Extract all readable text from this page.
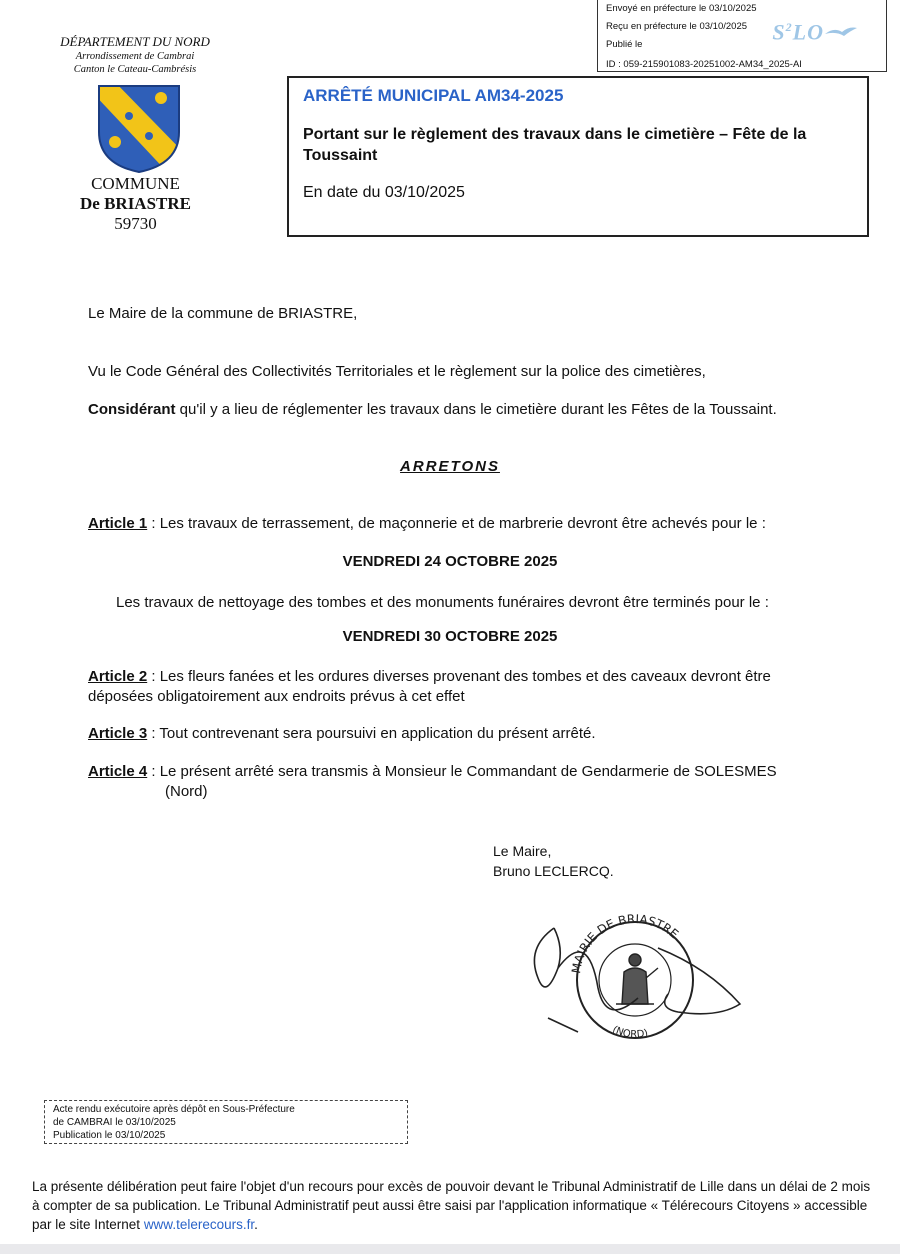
Envoyé en préfecture le 03/10/2025
Reçu en préfecture le 03/10/2025
Publié le
ID : 059-215901083-20251002-AM34_2025-AI
$S^2LO$
DÉPARTEMENT DU NORD
Arrondissement de Cambrai
Canton le Cateau-Cambrésis
COMMUNE
De BRIASTRE
59730
ARRÊTÉ MUNICIPAL AM34-2025
Portant sur le règlement des travaux dans le cimetière – Fête de la Toussaint
En date du 03/10/2025
Le Maire de la commune de BRIASTRE,
Vu le Code Général des Collectivités Territoriales et le règlement sur la police des cimetières,
Considérant qu'il y a lieu de réglementer les travaux dans le cimetière durant les Fêtes de la Toussaint.
ARRETONS
Article 1 : Les travaux de terrassement, de maçonnerie et de marbrerie devront être achevés pour le :
VENDREDI 24 OCTOBRE 2025
Les travaux de nettoyage des tombes et des monuments funéraires devront être terminés pour le :
VENDREDI 30 OCTOBRE 2025
Article 2 : Les fleurs fanées et les ordures diverses provenant des tombes et des caveaux devront être
déposées obligatoirement aux endroits prévus à cet effet
Article 3 : Tout contrevenant sera poursuivi en application du présent arrêté.
Article 4 : Le présent arrêté sera transmis à Monsieur le Commandant de Gendarmerie de SOLESMES
(Nord)
Le Maire,
Bruno LECLERCQ.
MAIRIE DE BRIASTRE
(NORD)
Acte rendu exécutoire après dépôt en Sous-Préfecture
de CAMBRAI le 03/10/2025
Publication le 03/10/2025
La présente délibération peut faire l'objet d'un recours pour excès de pouvoir devant le Tribunal Administratif de Lille dans un délai de 2 mois à compter de sa publication. Le Tribunal Administratif peut aussi être saisi par l'application informatique « Télérecours Citoyens » accessible par le site Internet www.telerecours.fr.
